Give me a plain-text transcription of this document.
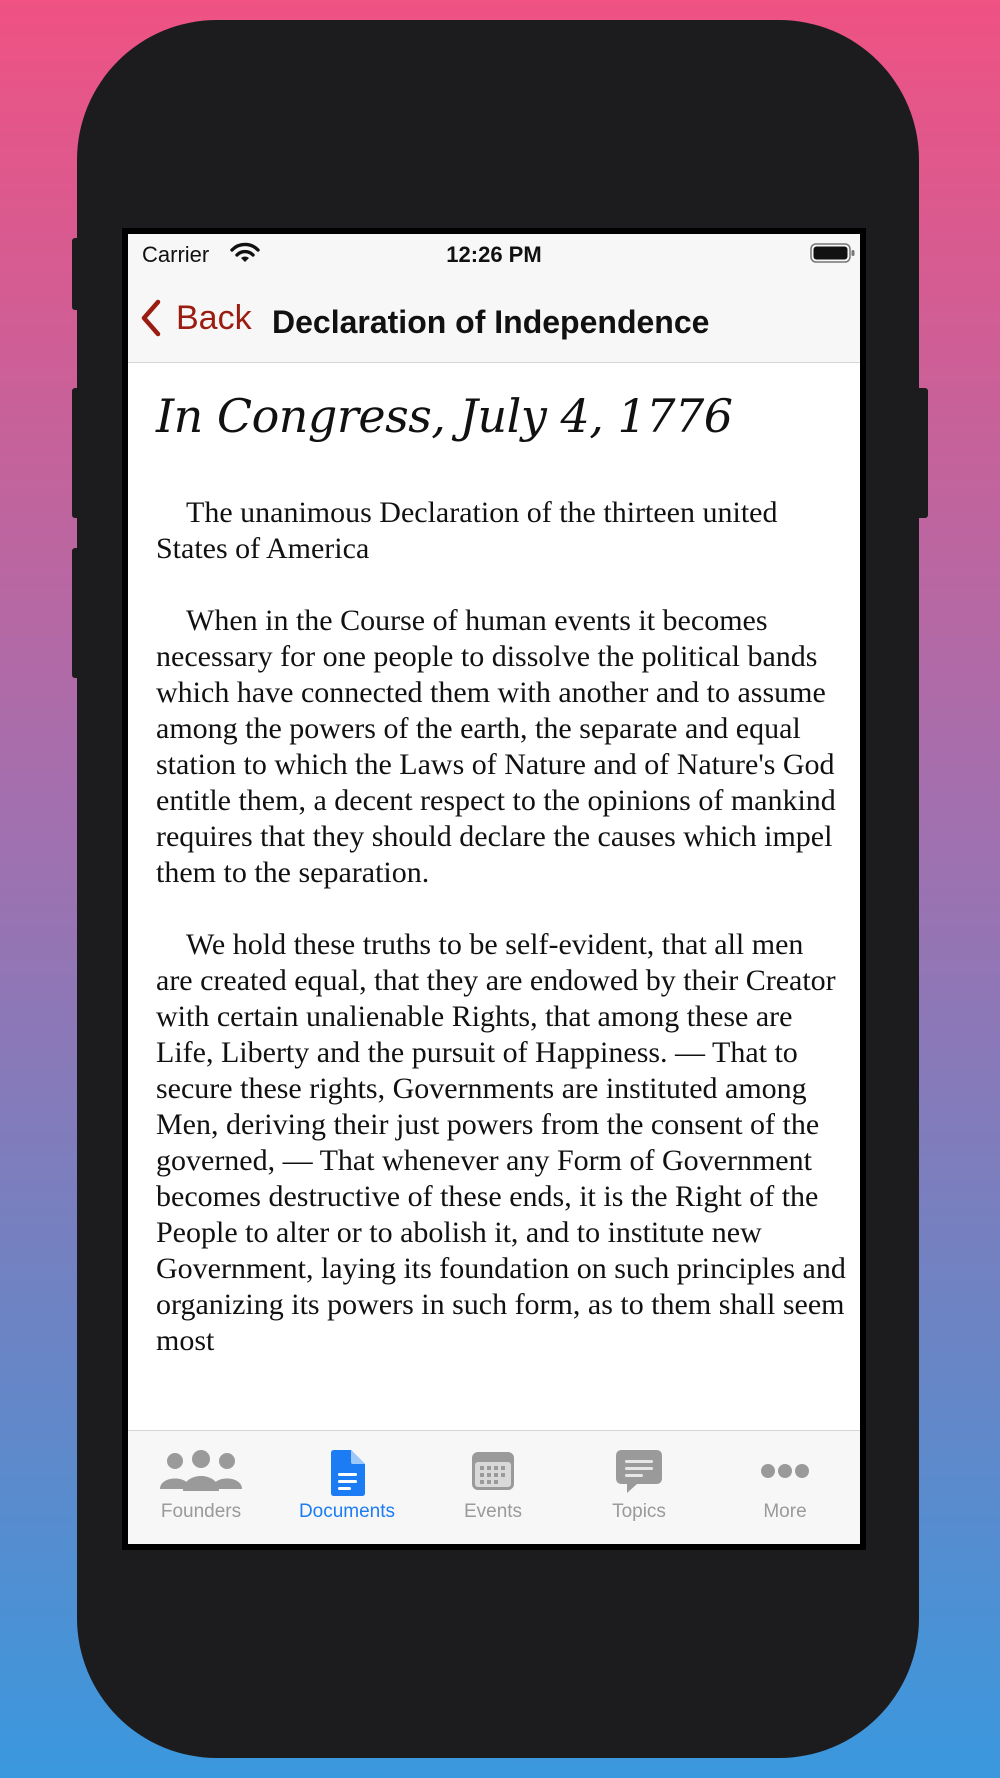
Carrier	12:26 PM
Back Declaration of Independence
In Congress, July 4, 1776

The unanimous Declaration of the thirteen united States of America

When in the Course of human events it becomes necessary for one people to dissolve the political bands which have connected them with another and to assume among the powers of the earth, the separate and equal station to which the Laws of Nature and of Nature's God entitle them, a decent respect to the opinions of mankind requires that they should declare the causes which impel them to the separation.

We hold these truths to be self-evident, that all men are created equal, that they are endowed by their Creator with certain unalienable Rights, that among these are Life, Liberty and the pursuit of Happiness. — That to secure these rights, Governments are instituted among Men, deriving their just powers from the consent of the governed, — That whenever any Form of Government becomes destructive of these ends, it is the Right of the People to alter or to abolish it, and to institute new Government, laying its foundation on such principles and organizing its powers in such form, as to them shall seem most

Founders	Documents	Events	Topics	More
